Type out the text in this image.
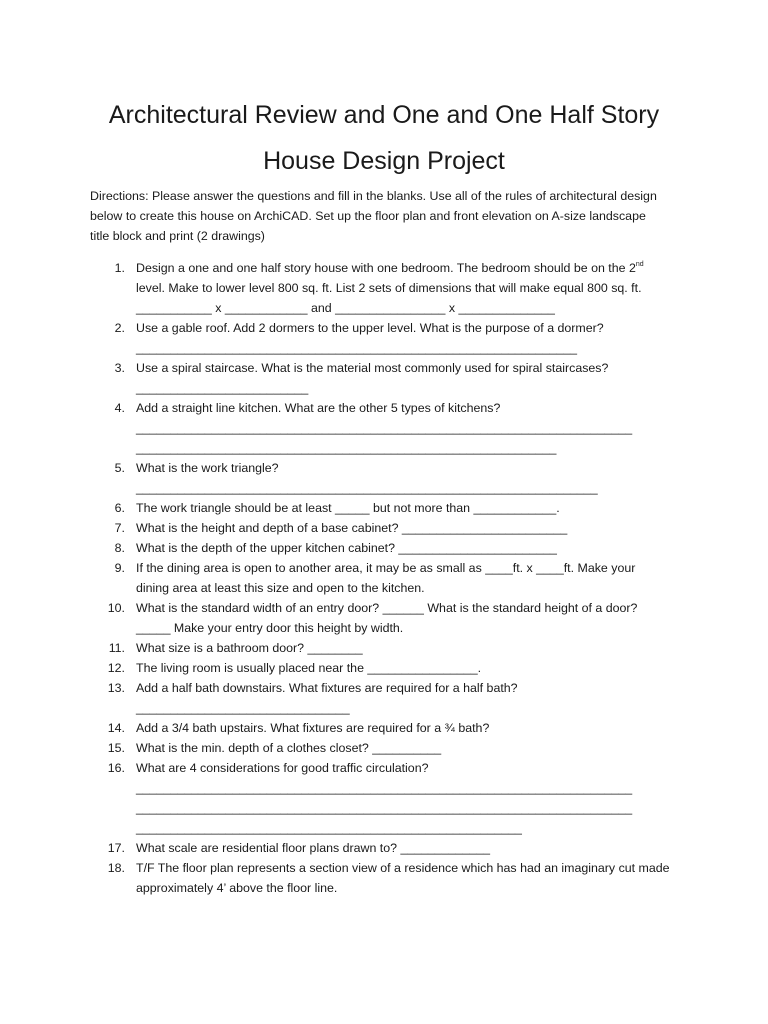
Architectural Review and One and One Half Story
House Design Project
Directions: Please answer the questions and fill in the blanks. Use all of the rules of architectural design
below to create this house on ArchiCAD. Set up the floor plan and front elevation on A-size landscape
title block and print (2 drawings)
1. Design a one and one half story house with one bedroom. The bedroom should be on the 2nd
level. Make to lower level 800 sq. ft. List 2 sets of dimensions that will make equal 800 sq. ft.
___________ x ____________ and ________________ x ______________
2. Use a gable roof. Add 2 dormers to the upper level. What is the purpose of a dormer?
________________________________________________________________
3. Use a spiral staircase. What is the material most commonly used for spiral staircases?
_________________________
4. Add a straight line kitchen. What are the other 5 types of kitchens?
________________________________________________________________________
_____________________________________________________________
5. What is the work triangle?
___________________________________________________________________
6. The work triangle should be at least _____ but not more than ____________.
7. What is the height and depth of a base cabinet? ________________________
8. What is the depth of the upper kitchen cabinet? _______________________
9. If the dining area is open to another area, it may be as small as ____ft. x ____ft. Make your
dining area at least this size and open to the kitchen.
10. What is the standard width of an entry door? ______ What is the standard height of a door?
_____ Make your entry door this height by width.
11. What size is a bathroom door? ________
12. The living room is usually placed near the ________________.
13. Add a half bath downstairs. What fixtures are required for a half bath?
_______________________________
14. Add a 3/4 bath upstairs. What fixtures are required for a ¾ bath?
15. What is the min. depth of a clothes closet? __________
16. What are 4 considerations for good traffic circulation?
________________________________________________________________________
________________________________________________________________________
________________________________________________________
17. What scale are residential floor plans drawn to? _____________
18. T/F The floor plan represents a section view of a residence which has had an imaginary cut made
approximately 4’ above the floor line.
